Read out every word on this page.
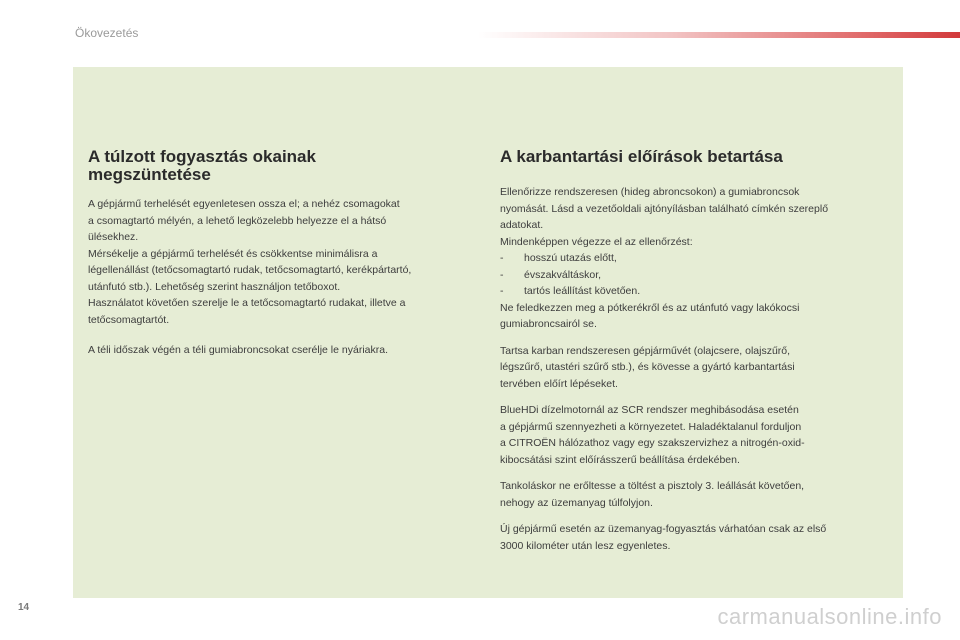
Ökovezetés
A túlzott fogyasztás okainak
megszüntetése

A gépjármű terhelését egyenletesen ossza el; a nehéz csomagokat
a csomagtartó mélyén, a lehető legközelebb helyezze el a hátsó
ülésekhez.
Mérsékelje a gépjármű terhelését és csökkentse minimálisra a
légellenállást (tetőcsomagtartó rudak, tetőcsomagtartó, kerékpártartó,
utánfutó stb.). Lehetőség szerint használjon tetőboxot.
Használatot követően szerelje le a tetőcsomagtartó rudakat, illetve a
tetőcsomagtartót.

A téli időszak végén a téli gumiabroncsokat cserélje le nyáriakra.

A karbantartási előírások betartása

Ellenőrizze rendszeresen (hideg abroncsokon) a gumiabroncsok
nyomását. Lásd a vezetőoldali ajtónyílásban található címkén szereplő
adatokat.
Mindenképpen végezze el az ellenőrzést:

- hosszú utazás előtt,
- évszakváltáskor,
- tartós leállítást követően.

Ne feledkezzen meg a pótkerékről és az utánfutó vagy lakókocsi
gumiabroncsairól se.

Tartsa karban rendszeresen gépjárművét (olajcsere, olajszűrő,
légszűrő, utastéri szűrő stb.), és kövesse a gyártó karbantartási
tervében előírt lépéseket.

BlueHDi dízelmotornál az SCR rendszer meghibásodása esetén
a gépjármű szennyezheti a környezetet. Haladéktalanul forduljon
a CITROËN hálózathoz vagy egy szakszervizhez a nitrogén-oxid-
kibocsátási szint előírásszerű beállítása érdekében.

Tankoláskor ne erőltesse a töltést a pisztoly 3. leállását követően,
nehogy az üzemanyag túlfolyjon.

Új gépjármű esetén az üzemanyag-fogyasztás várhatóan csak az első
3000 kilométer után lesz egyenletes.

14	carmanualsonline.info
